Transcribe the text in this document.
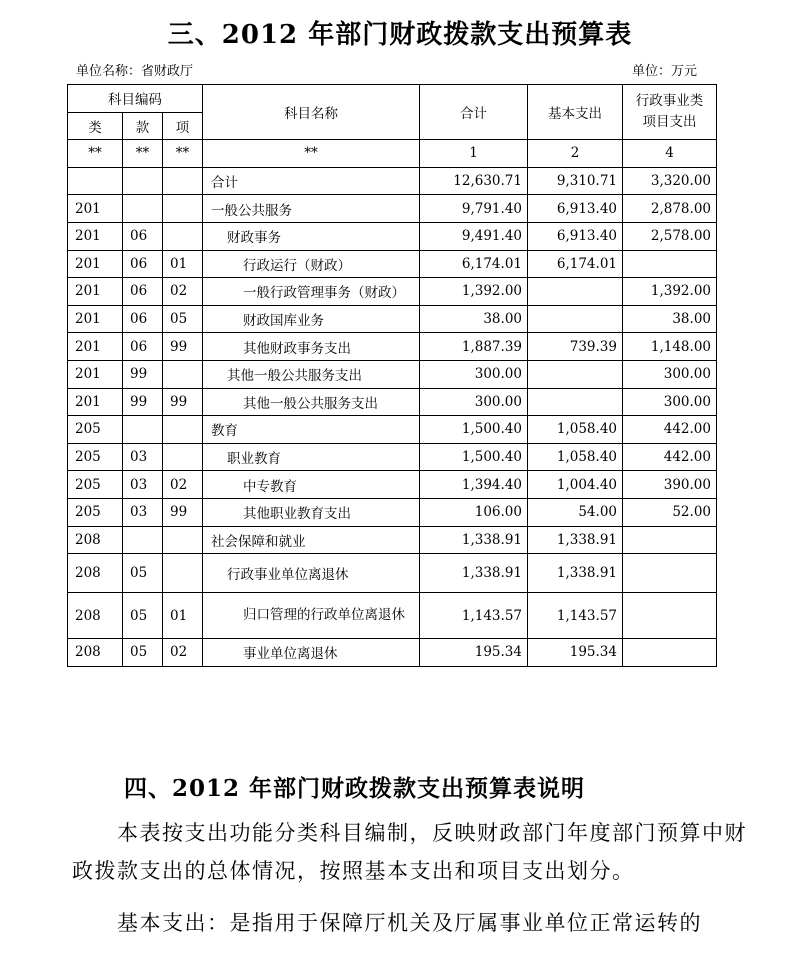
三、2012 年部门财政拨款支出预算表
单位名称：省财政厅	单位：万元
科目编码			科目名称	合计	基本支出	行政事业类项目支出
类	款	项				
**	**	**	**	1	2	4
			合计	12,630.71	9,310.71	3,320.00
201			一般公共服务	9,791.40	6,913.40	2,878.00
201	06		财政事务	9,491.40	6,913.40	2,578.00
201	06	01	行政运行（财政）	6,174.01	6,174.01	
201	06	02	一般行政管理事务（财政）	1,392.00		1,392.00
201	06	05	财政国库业务	38.00		38.00
201	06	99	其他财政事务支出	1,887.39	739.39	1,148.00
201	99		其他一般公共服务支出	300.00		300.00
201	99	99	其他一般公共服务支出	300.00		300.00
205			教育	1,500.40	1,058.40	442.00
205	03		职业教育	1,500.40	1,058.40	442.00
205	03	02	中专教育	1,394.40	1,004.40	390.00
205	03	99	其他职业教育支出	106.00	54.00	52.00
208			社会保障和就业	1,338.91	1,338.91	
208	05		行政事业单位离退休	1,338.91	1,338.91	
208	05	01	归口管理的行政单位离退休	1,143.57	1,143.57	
208	05	02	事业单位离退休	195.34	195.34	
四、2012 年部门财政拨款支出预算表说明
　　本表按支出功能分类科目编制，反映财政部门年度部门预算中财政拨款支出的总体情况，按照基本支出和项目支出划分。
　　基本支出：是指用于保障厅机关及厅属事业单位正常运转的
